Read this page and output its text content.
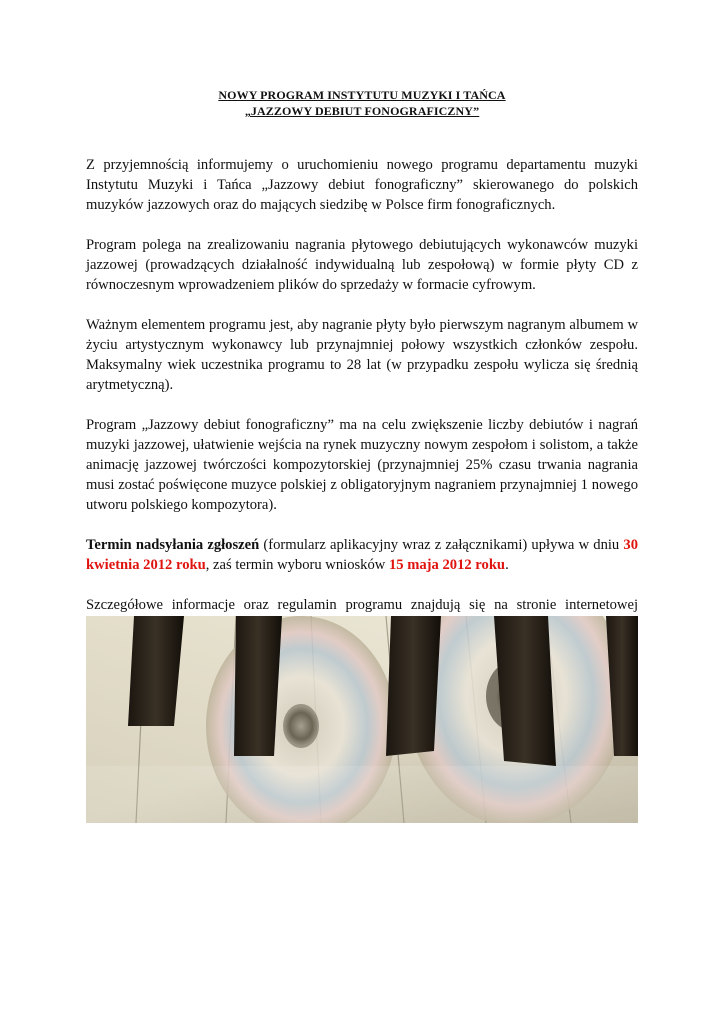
NOWY PROGRAM INSTYTUTU MUZYKI I TAŃCA
„JAZZOWY DEBIUT FONOGRAFICZNY”

Z przyjemnością informujemy o uruchomieniu nowego programu departamentu muzyki Instytutu Muzyki i Tańca „Jazzowy debiut fonograficzny” skierowanego do polskich muzyków jazzowych oraz do mających siedzibę w Polsce firm fonograficznych.

Program polega na zrealizowaniu nagrania płytowego debiutujących wykonawców muzyki jazzowej (prowadzących działalność indywidualną lub zespołową) w formie płyty CD z równoczesnym wprowadzeniem plików do sprzedaży w formacie cyfrowym.

Ważnym elementem programu jest, aby nagranie płyty było pierwszym nagranym albumem w życiu artystycznym wykonawcy lub przynajmniej połowy wszystkich członków zespołu. Maksymalny wiek uczestnika programu to 28 lat (w przypadku zespołu wylicza się średnią arytmetyczną).

Program „Jazzowy debiut fonograficzny” ma na celu zwiększenie liczby debiutów i nagrań muzyki jazzowej, ułatwienie wejścia na rynek muzyczny nowym zespołom i solistom, a także animację jazzowej twórczości kompozytorskiej (przynajmniej 25% czasu trwania nagrania musi zostać poświęcone muzyce polskiej z obligatoryjnym nagraniem przynajmniej 1 nowego utworu polskiego kompozytora).

Termin nadsyłania zgłoszeń (formularz aplikacyjny wraz z załącznikami) upływa w dniu 30 kwietnia 2012 roku, zaś termin wyboru wniosków 15 maja 2012 roku.

Szczegółowe informacje oraz regulamin programu znajdują się na stronie internetowej
